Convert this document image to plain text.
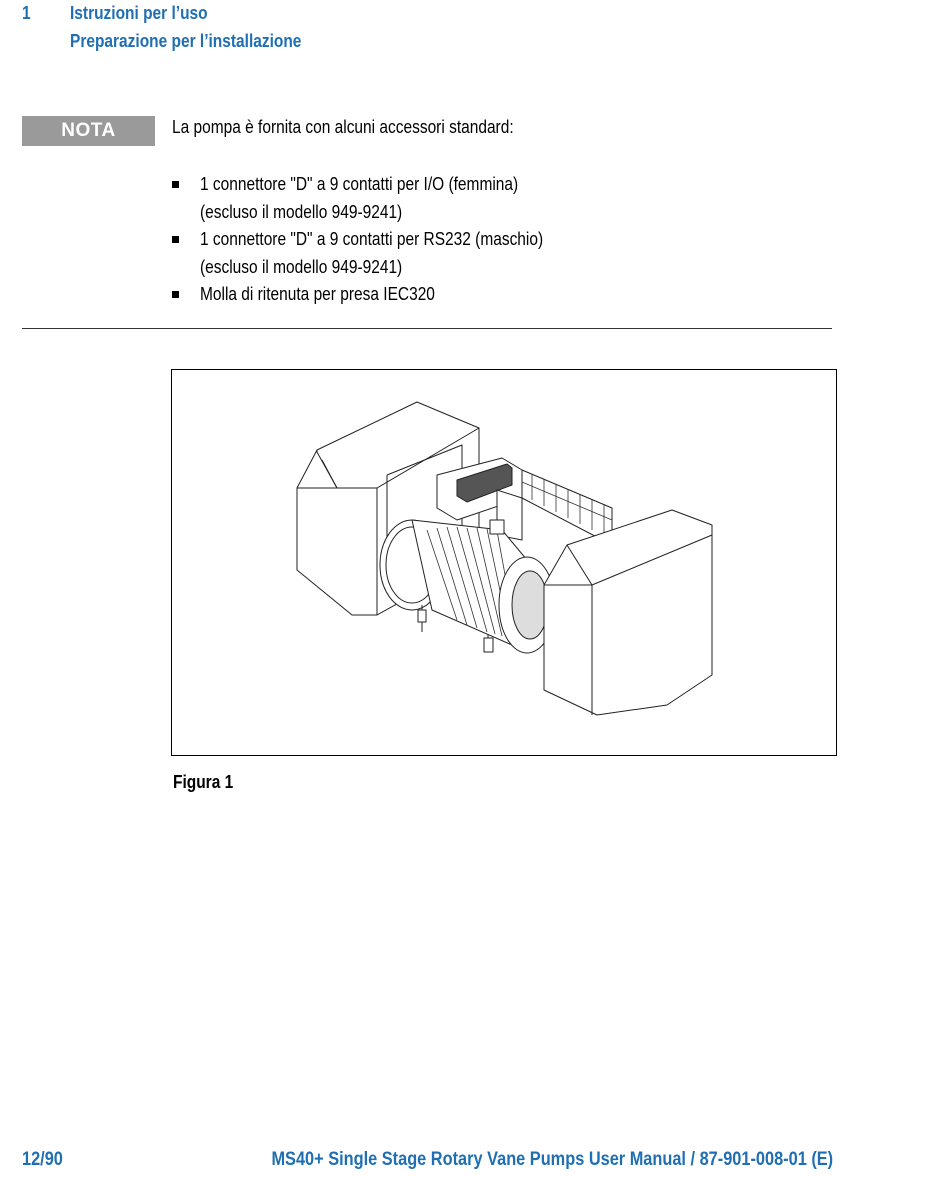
1 Istruzioni per l’uso
Preparazione per l’installazione
NOTA	La pompa è fornita con alcuni accessori standard:
1 connettore "D" a 9 contatti per I/O (femmina)
(escluso il modello 949-9241)
1 connettore "D" a 9 contatti per RS232 (maschio)
(escluso il modello 949-9241)
Molla di ritenuta per presa IEC320
Figura 1
12/90	MS40+ Single Stage Rotary Vane Pumps User Manual / 87-901-008-01 (E)
